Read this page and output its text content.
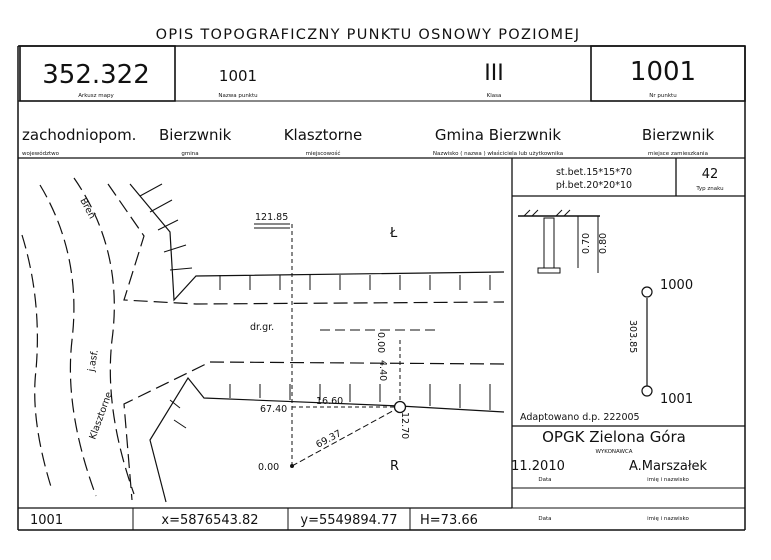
OPIS TOPOGRAFICZNY PUNKTU OSNOWY POZIOMEJ
352.322
Arkusz mapy
1001
Nazwa punktu
III
Klasa
1001
Nr punktu
zachodniopom.
województwo
Bierzwnik
gmina
Klasztorne
miejscowość
Gmina Bierzwnik
Nazwisko ( nazwa ) właściciela lub użytkownika
Bierzwnik
miejsce zamieszkania
Breń
Klasztorne
j.asf.
dr.gr.
Ł
R
121.85
0.00
4.40
16.60
67.40
12.70
69.37
0.00
st.bet.15*15*70
pł.bet.20*20*10
42
Typ znaku
0.70 0.80
1000
1001
303.85
Adaptowano d.p. 222005
OPGK Zielona Góra
WYKONAWCA
11.2010
Data
A.Marszałek
imię i nazwisko
Data	imię i nazwisko
1001	x=5876543.82	y=5549894.77 H=73.66
